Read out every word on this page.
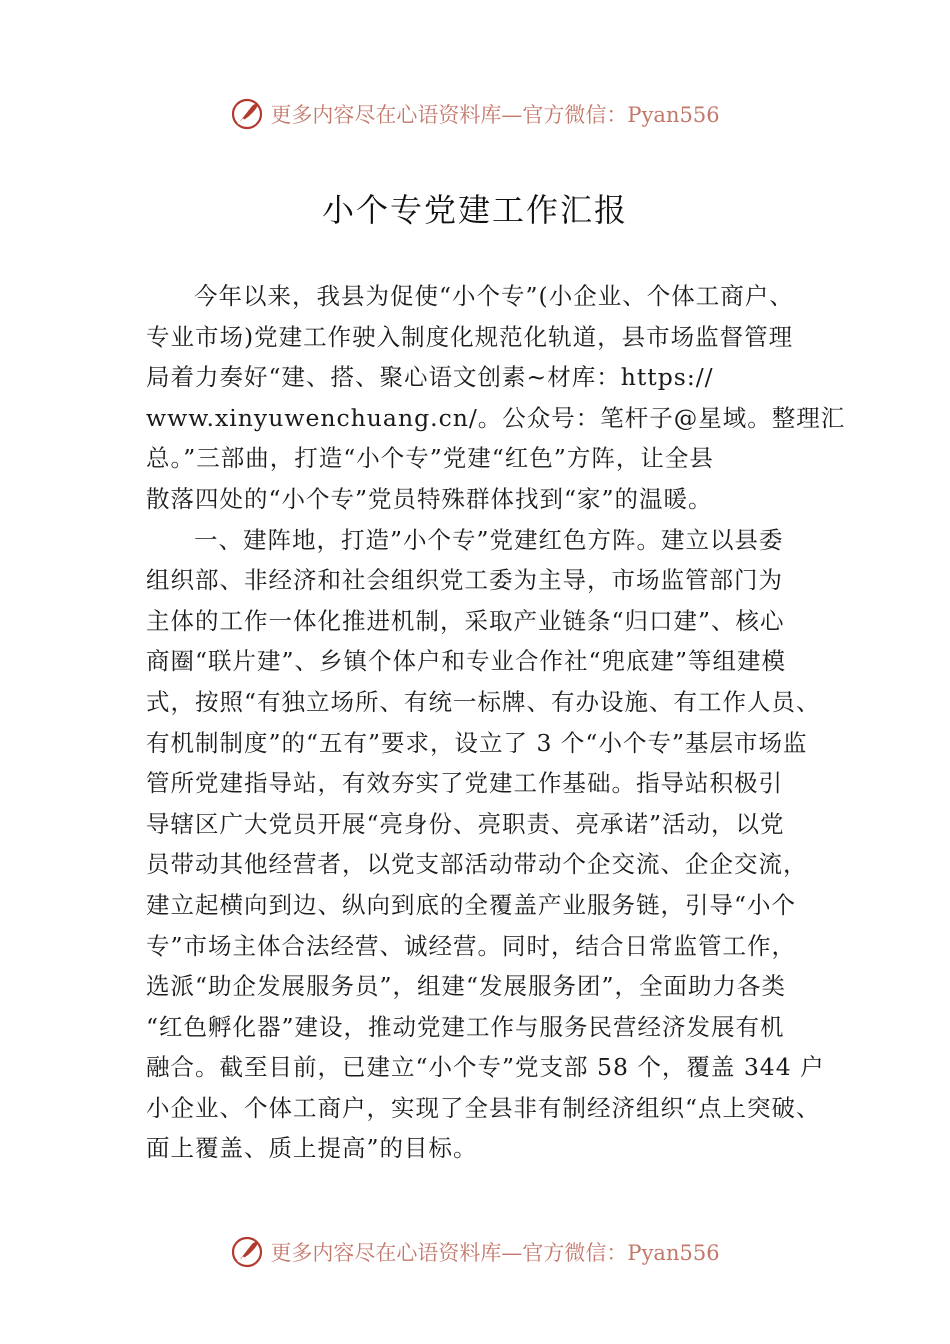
更多内容尽在心语资料库—官方微信：Pyan556
小个专党建工作汇报
今年以来，我县为促使“小个专”(小企业、个体工商户、
专业市场)党建工作驶入制度化规范化轨道，县市场监督管理
局着力奏好“建、搭、聚心语文创素~材库：https://
www.xinyuwenchuang.cn/。公众号：笔杆子@星域。整理汇
总。”三部曲，打造“小个专”党建“红色”方阵，让全县
散落四处的“小个专”党员特殊群体找到“家”的温暖。
一、建阵地，打造”小个专”党建红色方阵。建立以县委
组织部、非经济和社会组织党工委为主导，市场监管部门为
主体的工作一体化推进机制，采取产业链条“归口建”、核心
商圈“联片建”、乡镇个体户和专业合作社“兜底建”等组建模
式，按照“有独立场所、有统一标牌、有办设施、有工作人员、
有机制制度”的“五有”要求，设立了 3 个“小个专”基层市场监
管所党建指导站，有效夯实了党建工作基础。指导站积极引
导辖区广大党员开展“亮身份、亮职责、亮承诺”活动，以党
员带动其他经营者，以党支部活动带动个企交流、企企交流，
建立起横向到边、纵向到底的全覆盖产业服务链，引导“小个
专”市场主体合法经营、诚经营。同时，结合日常监管工作，
选派“助企发展服务员”，组建“发展服务团”，全面助力各类
“红色孵化器”建设，推动党建工作与服务民营经济发展有机
融合。截至目前，已建立“小个专”党支部 58 个，覆盖 344 户
小企业、个体工商户，实现了全县非有制经济组织“点上突破、
面上覆盖、质上提高”的目标。
更多内容尽在心语资料库—官方微信：Pyan556
